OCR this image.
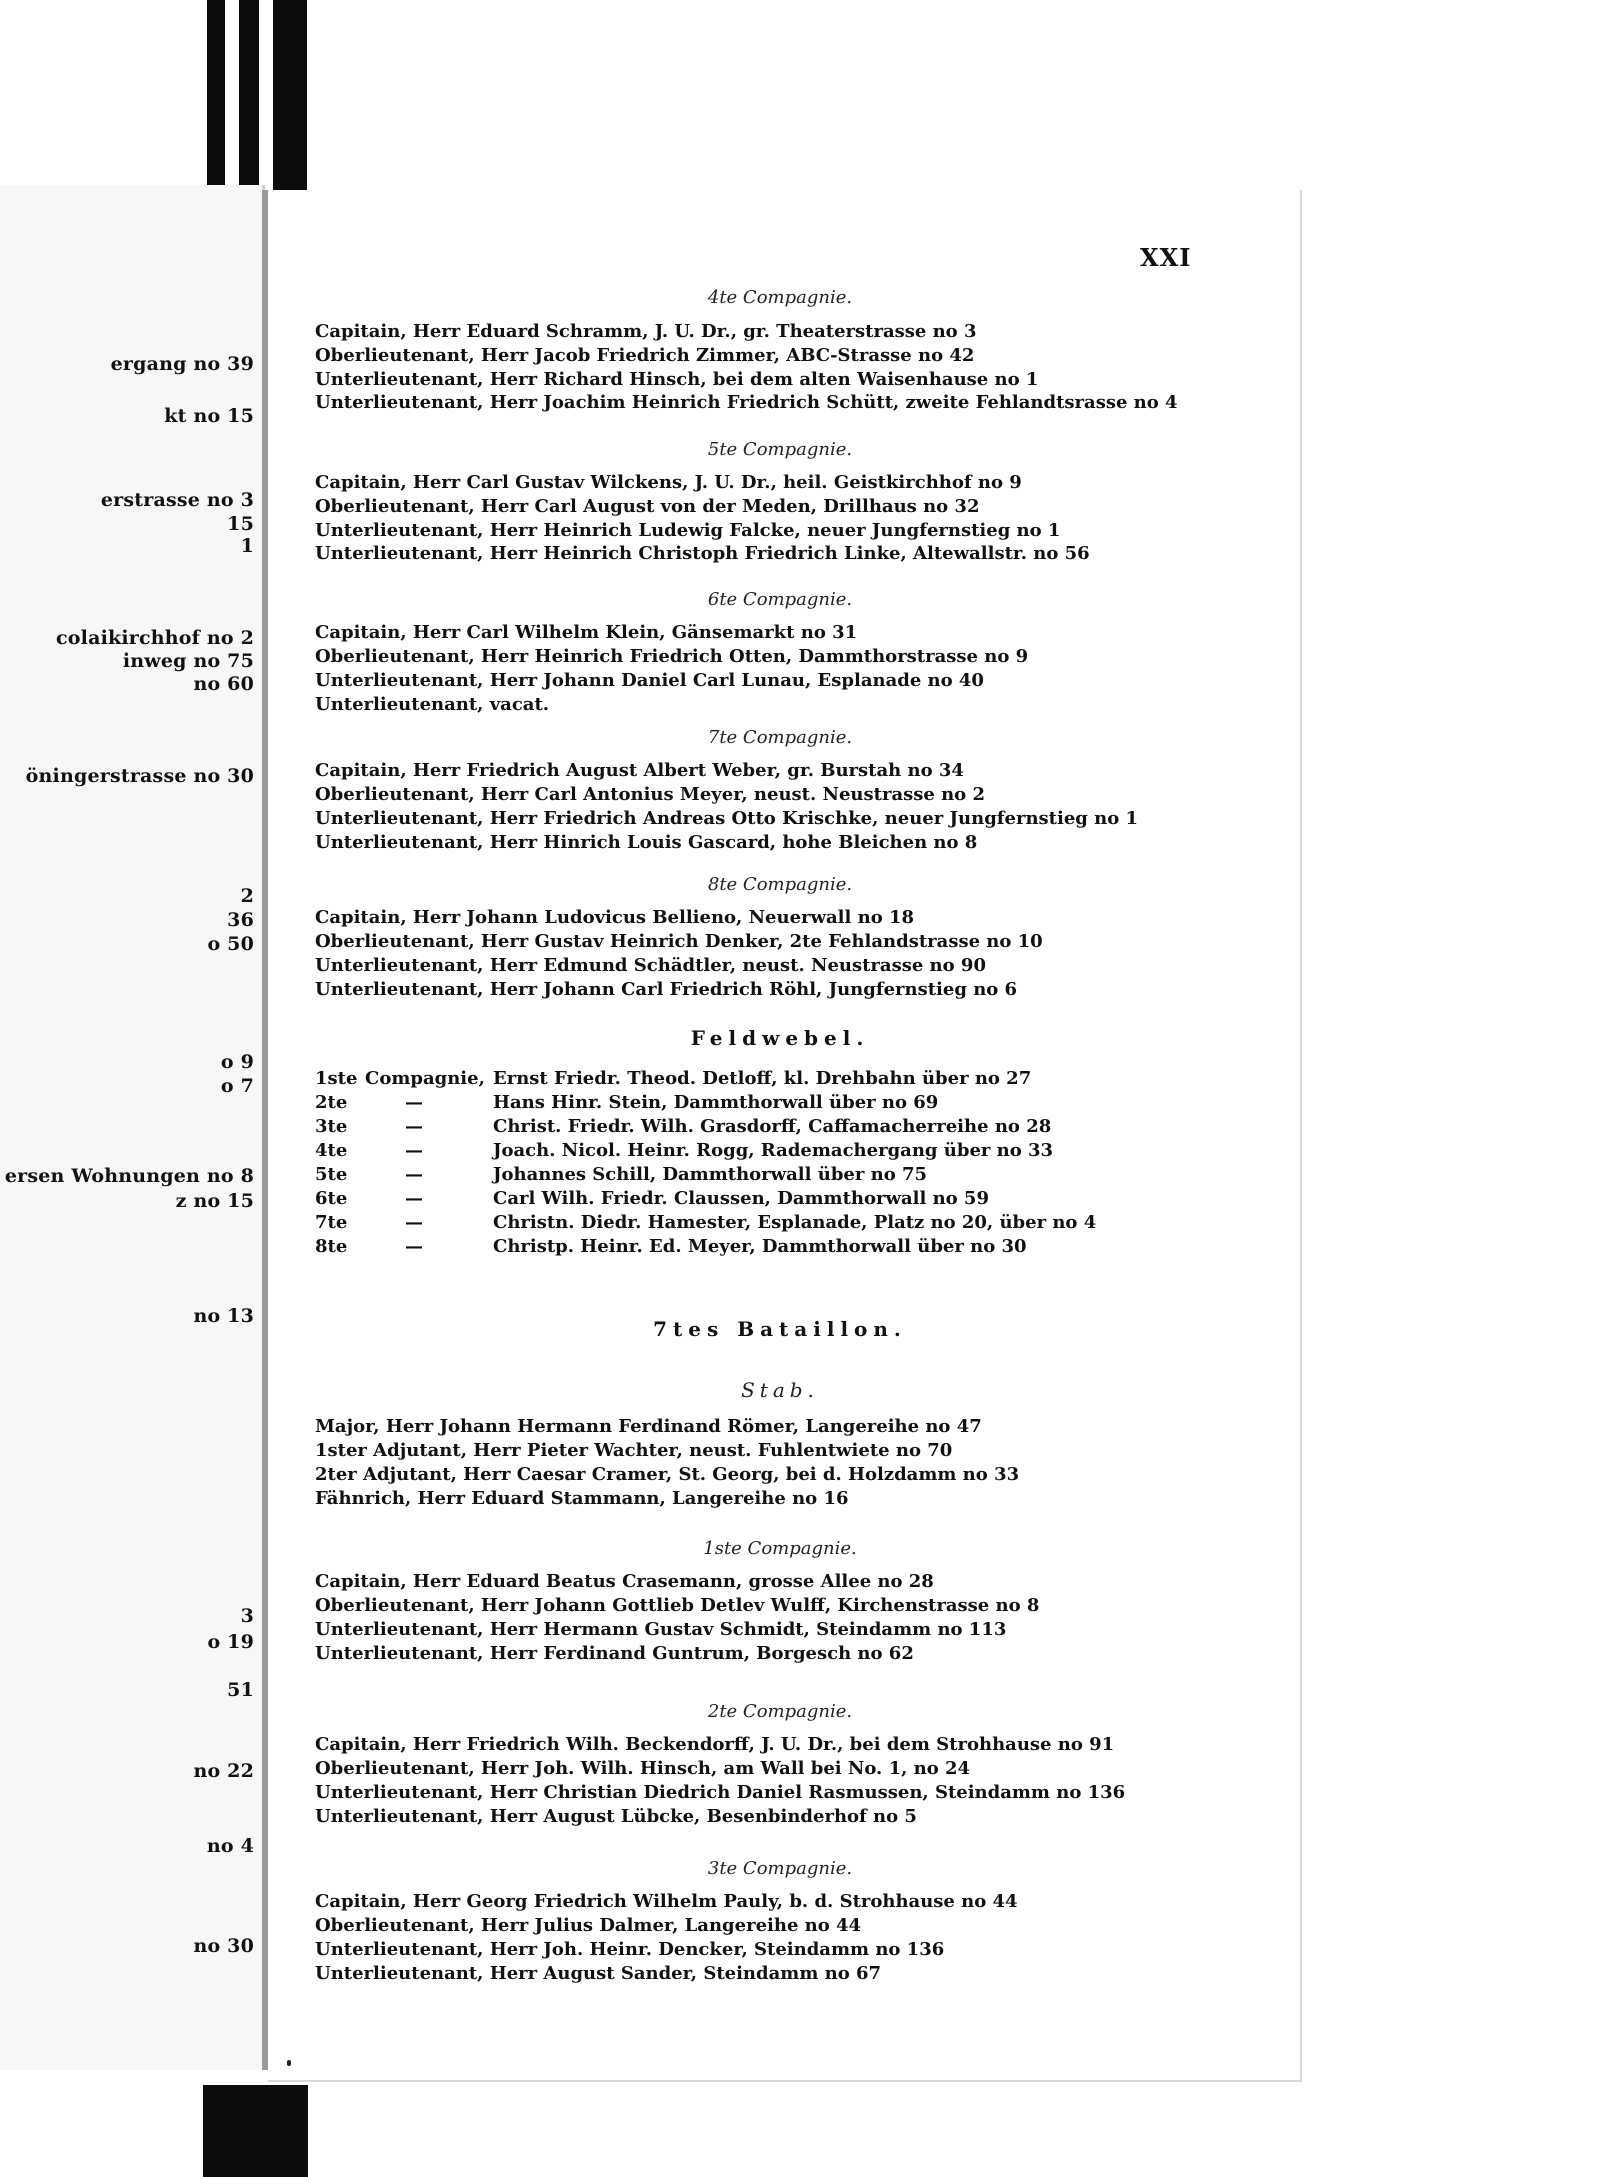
ergang no 39
kt no 15
erstrasse no 3
15
1
colaikirchhof no 2
inweg no 75
no 60
öningerstrasse no 30
2
36
o 50
o 9
o 7
ersen Wohnungen no 8
z no 15
no 13
3
o 19
51
no 22
no 4
no 30
XXI
4te Compagnie.
Capitain, Herr Eduard Schramm, J. U. Dr., gr. Theaterstrasse no 3
Oberlieutenant, Herr Jacob Friedrich Zimmer, ABC-Strasse no 42
Unterlieutenant, Herr Richard Hinsch, bei dem alten Waisenhause no 1
Unterlieutenant, Herr Joachim Heinrich Friedrich Schütt, zweite Fehlandtsrasse no 4
5te Compagnie.
Capitain, Herr Carl Gustav Wilckens, J. U. Dr., heil. Geistkirchhof no 9
Oberlieutenant, Herr Carl August von der Meden, Drillhaus no 32
Unterlieutenant, Herr Heinrich Ludewig Falcke, neuer Jungfernstieg no 1
Unterlieutenant, Herr Heinrich Christoph Friedrich Linke, Altewallstr. no 56
6te Compagnie.
Capitain, Herr Carl Wilhelm Klein, Gänsemarkt no 31
Oberlieutenant, Herr Heinrich Friedrich Otten, Dammthorstrasse no 9
Unterlieutenant, Herr Johann Daniel Carl Lunau, Esplanade no 40
Unterlieutenant, vacat.
7te Compagnie.
Capitain, Herr Friedrich August Albert Weber, gr. Burstah no 34
Oberlieutenant, Herr Carl Antonius Meyer, neust. Neustrasse no 2
Unterlieutenant, Herr Friedrich Andreas Otto Krischke, neuer Jungfernstieg no 1
Unterlieutenant, Herr Hinrich Louis Gascard, hohe Bleichen no 8
8te Compagnie.
Capitain, Herr Johann Ludovicus Bellieno, Neuerwall no 18
Oberlieutenant, Herr Gustav Heinrich Denker, 2te Fehlandstrasse no 10
Unterlieutenant, Herr Edmund Schädtler, neust. Neustrasse no 90
Unterlieutenant, Herr Johann Carl Friedrich Röhl, Jungfernstieg no 6
Feldwebel.
1ste Compagnie, Ernst Friedr. Theod. Detloff, kl. Drehbahn über no 27
2te	—	Hans Hinr. Stein, Dammthorwall über no 69
3te	—	Christ. Friedr. Wilh. Grasdorff, Caffamacherreihe no 28
4te	—	Joach. Nicol. Heinr. Rogg, Rademachergang über no 33
5te	—	Johannes Schill, Dammthorwall über no 75
6te	—	Carl Wilh. Friedr. Claussen, Dammthorwall no 59
7te	—	Christn. Diedr. Hamester, Esplanade, Platz no 20, über no 4
8te	—	Christp. Heinr. Ed. Meyer, Dammthorwall über no 30
7tes Bataillon.
Stab.
Major, Herr Johann Hermann Ferdinand Römer, Langereihe no 47
1ster Adjutant, Herr Pieter Wachter, neust. Fuhlentwiete no 70
2ter Adjutant, Herr Caesar Cramer, St. Georg, bei d. Holzdamm no 33
Fähnrich, Herr Eduard Stammann, Langereihe no 16
1ste Compagnie.
Capitain, Herr Eduard Beatus Crasemann, grosse Allee no 28
Oberlieutenant, Herr Johann Gottlieb Detlev Wulff, Kirchenstrasse no 8
Unterlieutenant, Herr Hermann Gustav Schmidt, Steindamm no 113
Unterlieutenant, Herr Ferdinand Guntrum, Borgesch no 62
2te Compagnie.
Capitain, Herr Friedrich Wilh. Beckendorff, J. U. Dr., bei dem Strohhause no 91
Oberlieutenant, Herr Joh. Wilh. Hinsch, am Wall bei No. 1, no 24
Unterlieutenant, Herr Christian Diedrich Daniel Rasmussen, Steindamm no 136
Unterlieutenant, Herr August Lübcke, Besenbinderhof no 5
3te Compagnie.
Capitain, Herr Georg Friedrich Wilhelm Pauly, b. d. Strohhause no 44
Oberlieutenant, Herr Julius Dalmer, Langereihe no 44
Unterlieutenant, Herr Joh. Heinr. Dencker, Steindamm no 136
Unterlieutenant, Herr August Sander, Steindamm no 67
